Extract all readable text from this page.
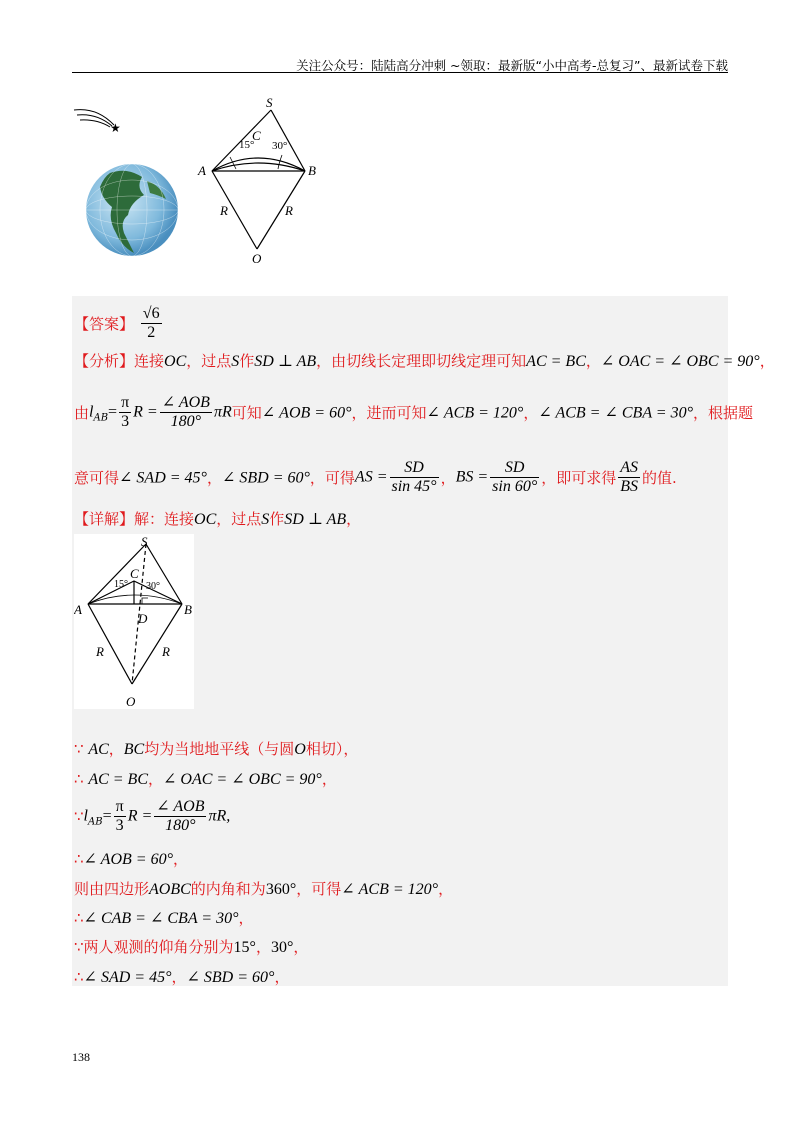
关注公众号：陆陆高分冲刺 ~领取：最新版“小中高考-总复习”、最新试卷下载
★
S
C
A	B
O
R	R
15° 30°
【答案】 $\frac{√6}{2}$
【分析】连接OC，过点S作SD ⊥ AB，由切线长定理即切线定理可知AC = BC，∠ OAC = ∠ OBC = 90°，
由$l_{AB}= \frac{\pi}{3}$ $R = \frac{\text{∠ AOB}}{180^\circ}$ πR可知∠ AOB = 60°，进而可知∠ ACB = 120°，∠ ACB = ∠ CBA = 30°，根据题
意可得∠ SAD = 45°，∠ SBD = 60°，可得AS = $\frac{SD}{\sin 45^\circ}$ ，BS = $\frac{SD}{\sin 60^\circ}$ ，即可求得 $\frac{AS}{BS}$ 的值.
【详解】解：连接OC，过点S作SD ⊥ AB，
S
C
A	B
D
O
R	R
15° 30°
∵ AC，BC均为当地地平线（与圆O相切），
∴ AC = BC，∠ OAC = ∠ OBC = 90°，
$\because l_{AB}= \frac{\pi}{3}$ $R = \frac{\text{∠ AOB}}{180^\circ} \pi R$,
∴∠ AOB = 60°，
则由四边形AOBC的内角和为360°，可得∠ ACB = 120°，
∴∠ CAB = ∠ CBA = 30°，
∵两人观测的仰角分别为15°，30°，
∴∠ SAD = 45°，∠ SBD = 60°，
138
